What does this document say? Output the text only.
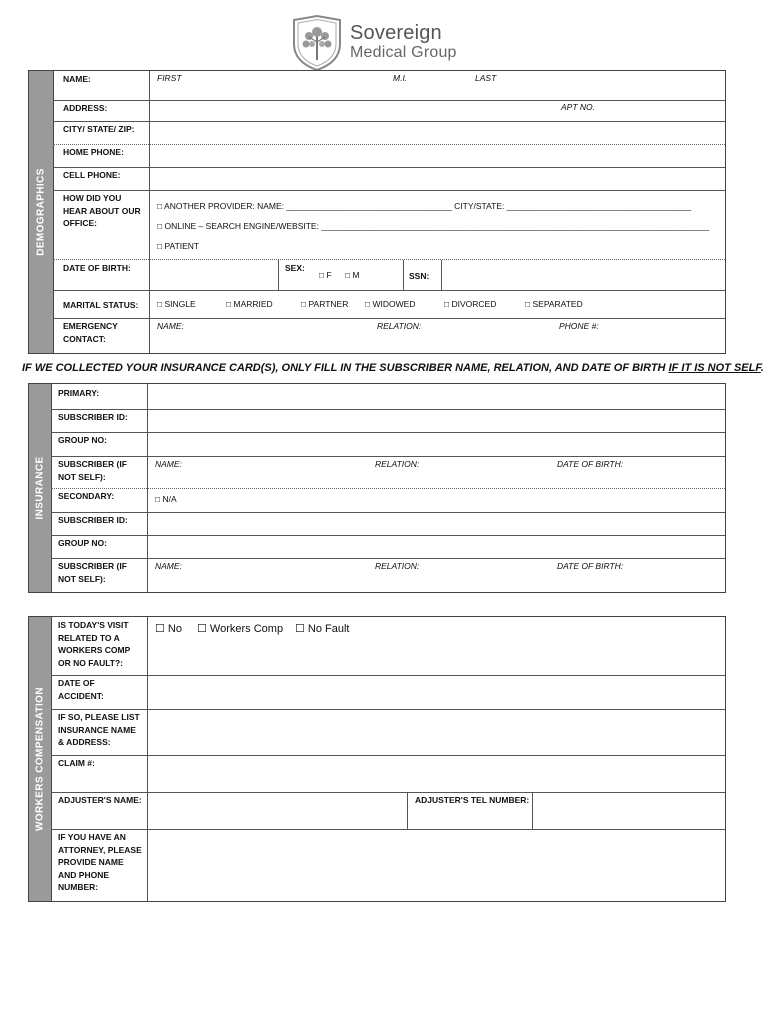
Sovereign
Medical Group
DEMOGRAPHICS
NAME:	FIRST	M.I.	LAST
ADDRESS:	APT NO.
CITY/ STATE/ ZIP:
HOME PHONE:
CELL PHONE:
HOW DID YOU HEAR ABOUT OUR OFFICE:
□ ANOTHER PROVIDER: NAME: ___________________________________ CITY/STATE: _______________________________________
□ ONLINE – SEARCH ENGINE/WEBSITE: __________________________________________________________________________________
□ PATIENT
DATE OF BIRTH:	SEX:
□ F □ M	SSN:
MARITAL STATUS: □ SINGLE	□ MARRIED	□ PARTNER □ WIDOWED	□ DIVORCED	□ SEPARATED
EMERGENCY CONTACT:
NAME:	RELATION:	PHONE #:
IF WE COLLECTED YOUR INSURANCE CARD(S), ONLY FILL IN THE SUBSCRIBER NAME, RELATION, AND DATE OF BIRTH IF IT IS NOT SELF.
INSURANCE
PRIMARY:
SUBSCRIBER ID:
GROUP NO:
SUBSCRIBER (IF NOT SELF):
NAME:	RELATION:	DATE OF BIRTH:
SECONDARY:	□ N/A
SUBSCRIBER ID:
GROUP NO:
SUBSCRIBER (IF NOT SELF):
NAME:	RELATION:	DATE OF BIRTH:
WORKERS COMPENSATION
IS TODAY'S VISIT RELATED TO A WORKERS COMP OR NO FAULT?:
☐ No ☐ Workers Comp ☐ No Fault
DATE OF ACCIDENT:
IF SO, PLEASE LIST INSURANCE NAME & ADDRESS:
CLAIM #:
ADJUSTER'S NAME:	ADJUSTER'S TEL NUMBER:
IF YOU HAVE AN ATTORNEY, PLEASE PROVIDE NAME AND PHONE NUMBER:
